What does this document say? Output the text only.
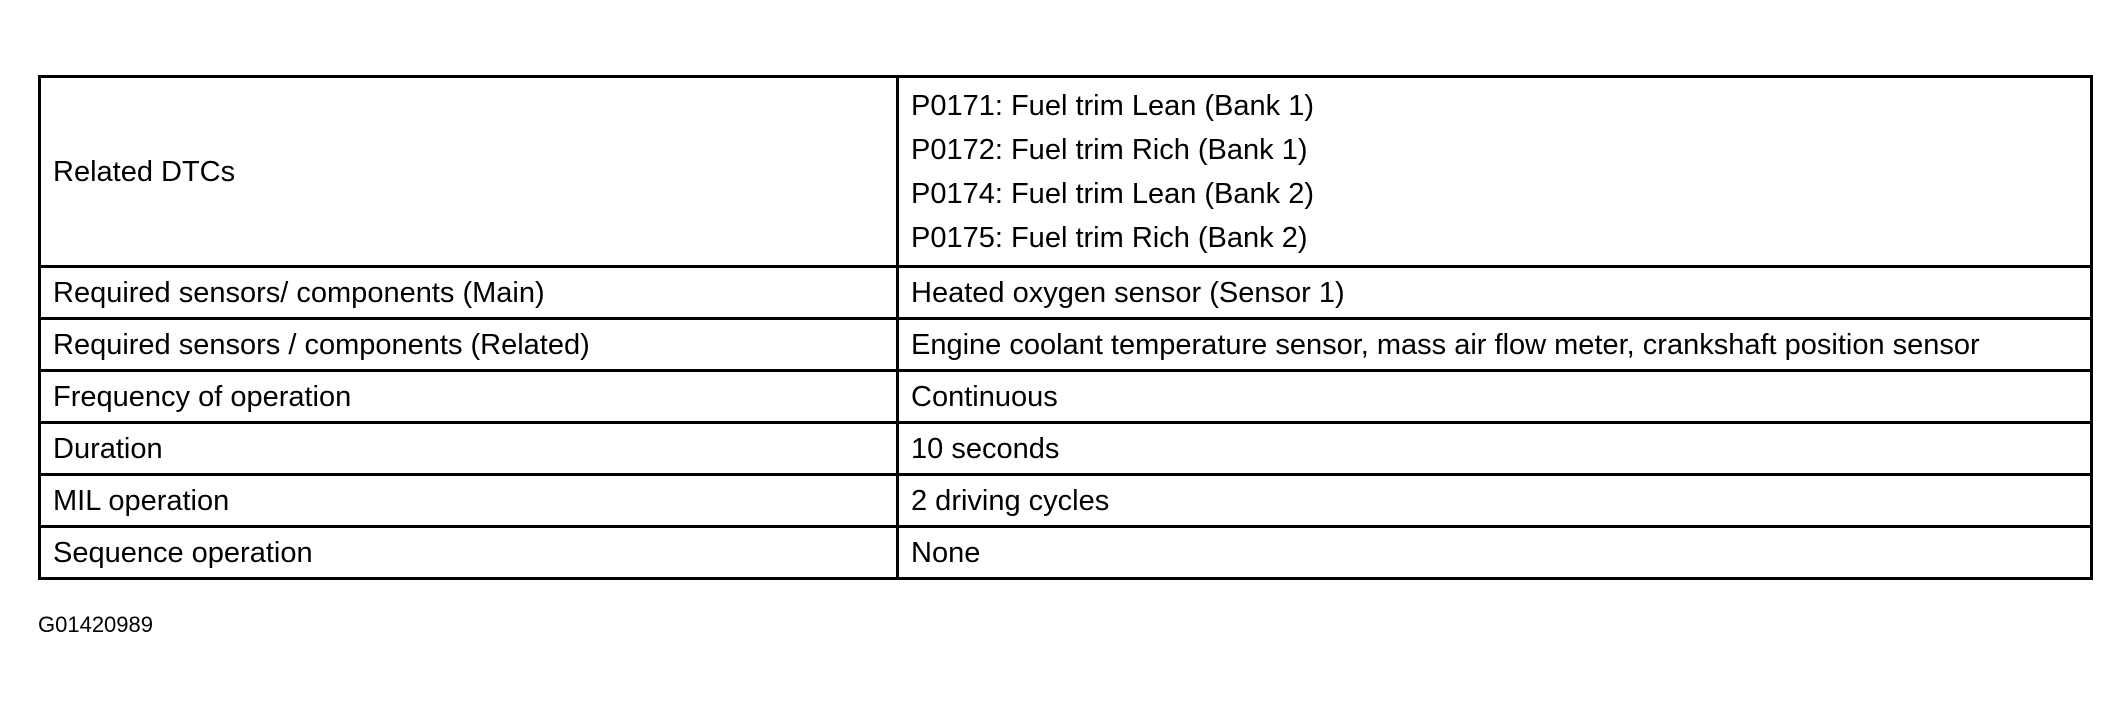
Related DTCs	P0171: Fuel trim Lean (Bank 1)
P0172: Fuel trim Rich (Bank 1)
P0174: Fuel trim Lean (Bank 2)
P0175: Fuel trim Rich (Bank 2)

Required sensors/ components (Main)	Heated oxygen sensor (Sensor 1)
Required sensors / components (Related)	Engine coolant temperature sensor, mass air flow meter, crankshaft position sensor
Frequency of operation	Continuous
Duration	10 seconds
MIL operation	2 driving cycles
Sequence operation	None
G01420989
